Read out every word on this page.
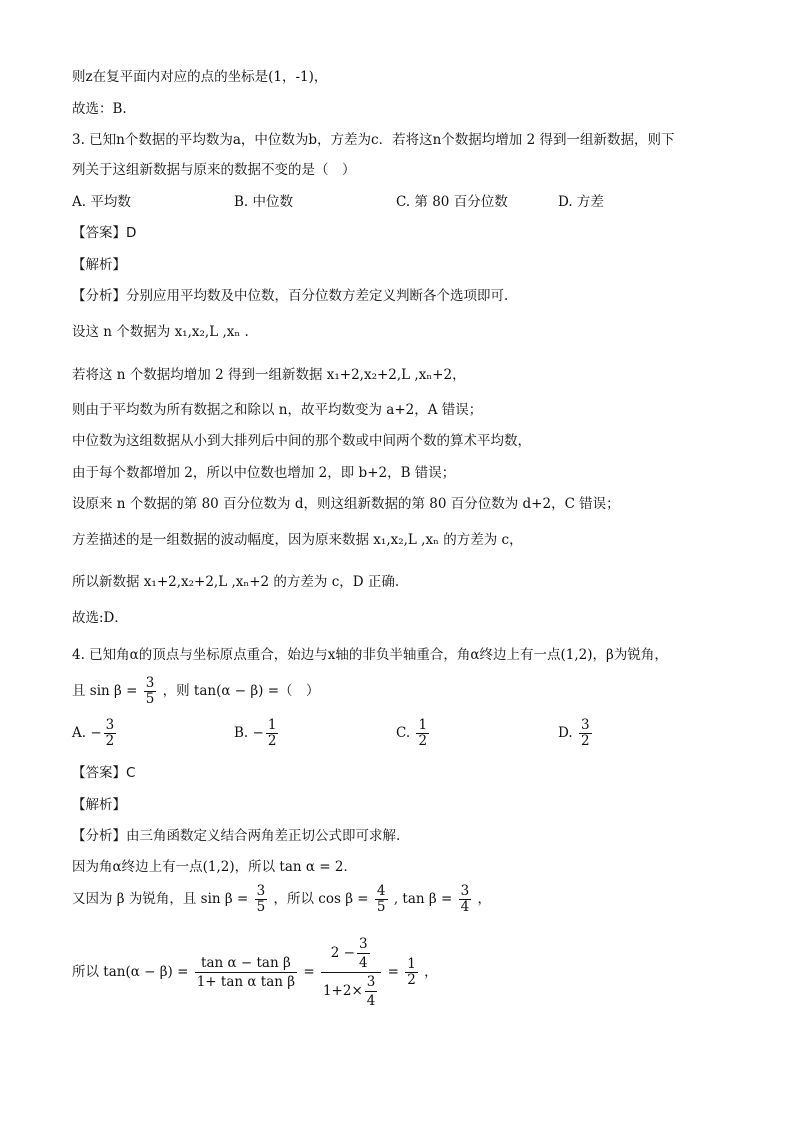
则z在复平面内对应的点的坐标是(1，-1)，
故选：B.
3. 已知n个数据的平均数为a，中位数为b，方差为c．若将这n个数据均增加 2 得到一组新数据，则下
列关于这组新数据与原来的数据不变的是（　）
A. 平均数	B. 中位数	C. 第 80 百分位数	D. 方差
【答案】D
【解析】
【分析】分别应用平均数及中位数，百分位数方差定义判断各个选项即可.
设这 n 个数据为 x₁,x₂,L ,xₙ .
若将这 n 个数据均增加 2 得到一组新数据 x₁+2,x₂+2,L ,xₙ+2，
则由于平均数为所有数据之和除以 n，故平均数变为 a+2，A 错误；
中位数为这组数据从小到大排列后中间的那个数或中间两个数的算术平均数，
由于每个数都增加 2，所以中位数也增加 2，即 b+2，B 错误；
设原来 n 个数据的第 80 百分位数为 d，则这组新数据的第 80 百分位数为 d+2，C 错误；
方差描述的是一组数据的波动幅度，因为原来数据 x₁,x₂,L ,xₙ 的方差为 c，
所以新数据 x₁+2,x₂+2,L ,xₙ+2 的方差为 c，D 正确.
故选:D．
4. 已知角α的顶点与坐标原点重合，始边与x轴的非负半轴重合，角α终边上有一点(1,2)，β为锐角，
且 $\sin \beta = \frac{3}{5}$ ，则 tan(α − β) =（　）
A. − $\frac{3}{2}$	B. − $\frac{1}{2}$	C. $\frac{1}{2}$	D. $\frac{3}{2}$
【答案】C
【解析】
【分析】由三角函数定义结合两角差正切公式即可求解.
因为角α终边上有一点(1,2)，所以 tan α = 2．
又因为 β 为锐角，且 $\sin \beta = \frac{3}{5}$ ，所以 $\cos \beta = \frac{4}{5}$ , $\tan \beta = \frac{3}{4}$ ，
所以 $\tan(\alpha - \beta) = \frac{\text{tan α − tan β}}{\text{1+ tan α tan β}} = \frac{2 - \frac{3}{4}}{1+2\times \frac{3}{4}} = \frac{1}{2}$ ，
